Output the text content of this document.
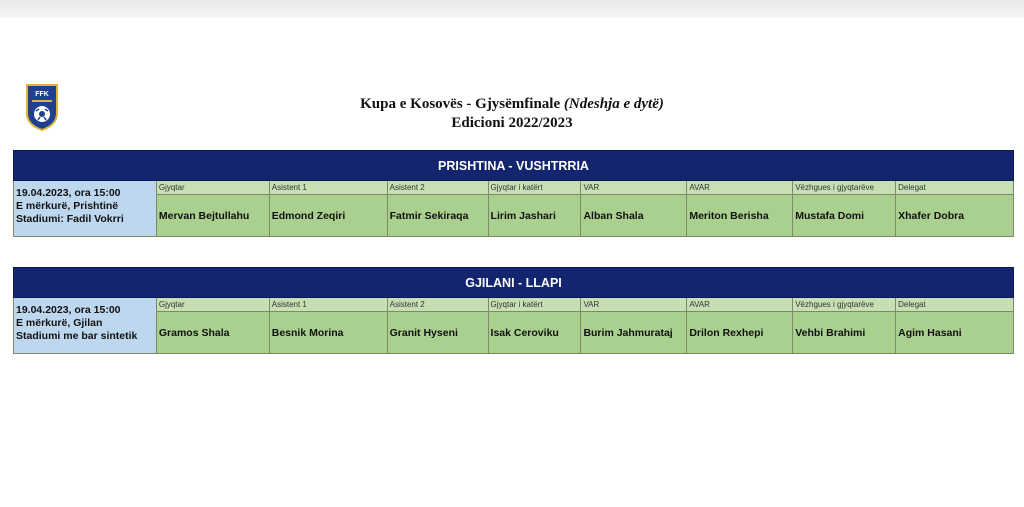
FFK
Kupa e Kosovës - Gjysëmfinale (Ndeshja e dytë)
Edicioni 2022/2023
PRISHTINA - VUSHTRRIA
19.04.2023, ora 15:00
E mërkurë, Prishtinë
Stadiumi: Fadil Vokrri
Gjyqtar
Mervan Bejtullahu
Asistent 1
Edmond Zeqiri
Asistent 2
Fatmir Sekiraqa
Gjyqtar i katërt
Lirim Jashari
VAR
Alban Shala
AVAR
Meriton Berisha
Vëzhgues i gjyqtarëve
Mustafa Domi
Delegat
Xhafer Dobra
GJILANI - LLAPI
19.04.2023, ora 15:00
E mërkurë, Gjilan
Stadiumi me bar sintetik
Gjyqtar
Gramos Shala
Asistent 1
Besnik Morina
Asistent 2
Granit Hyseni
Gjyqtar i katërt
Isak Ceroviku
VAR
Burim Jahmurataj
AVAR
Drilon Rexhepi
Vëzhgues i gjyqtarëve
Vehbi Brahimi
Delegat
Agim Hasani
